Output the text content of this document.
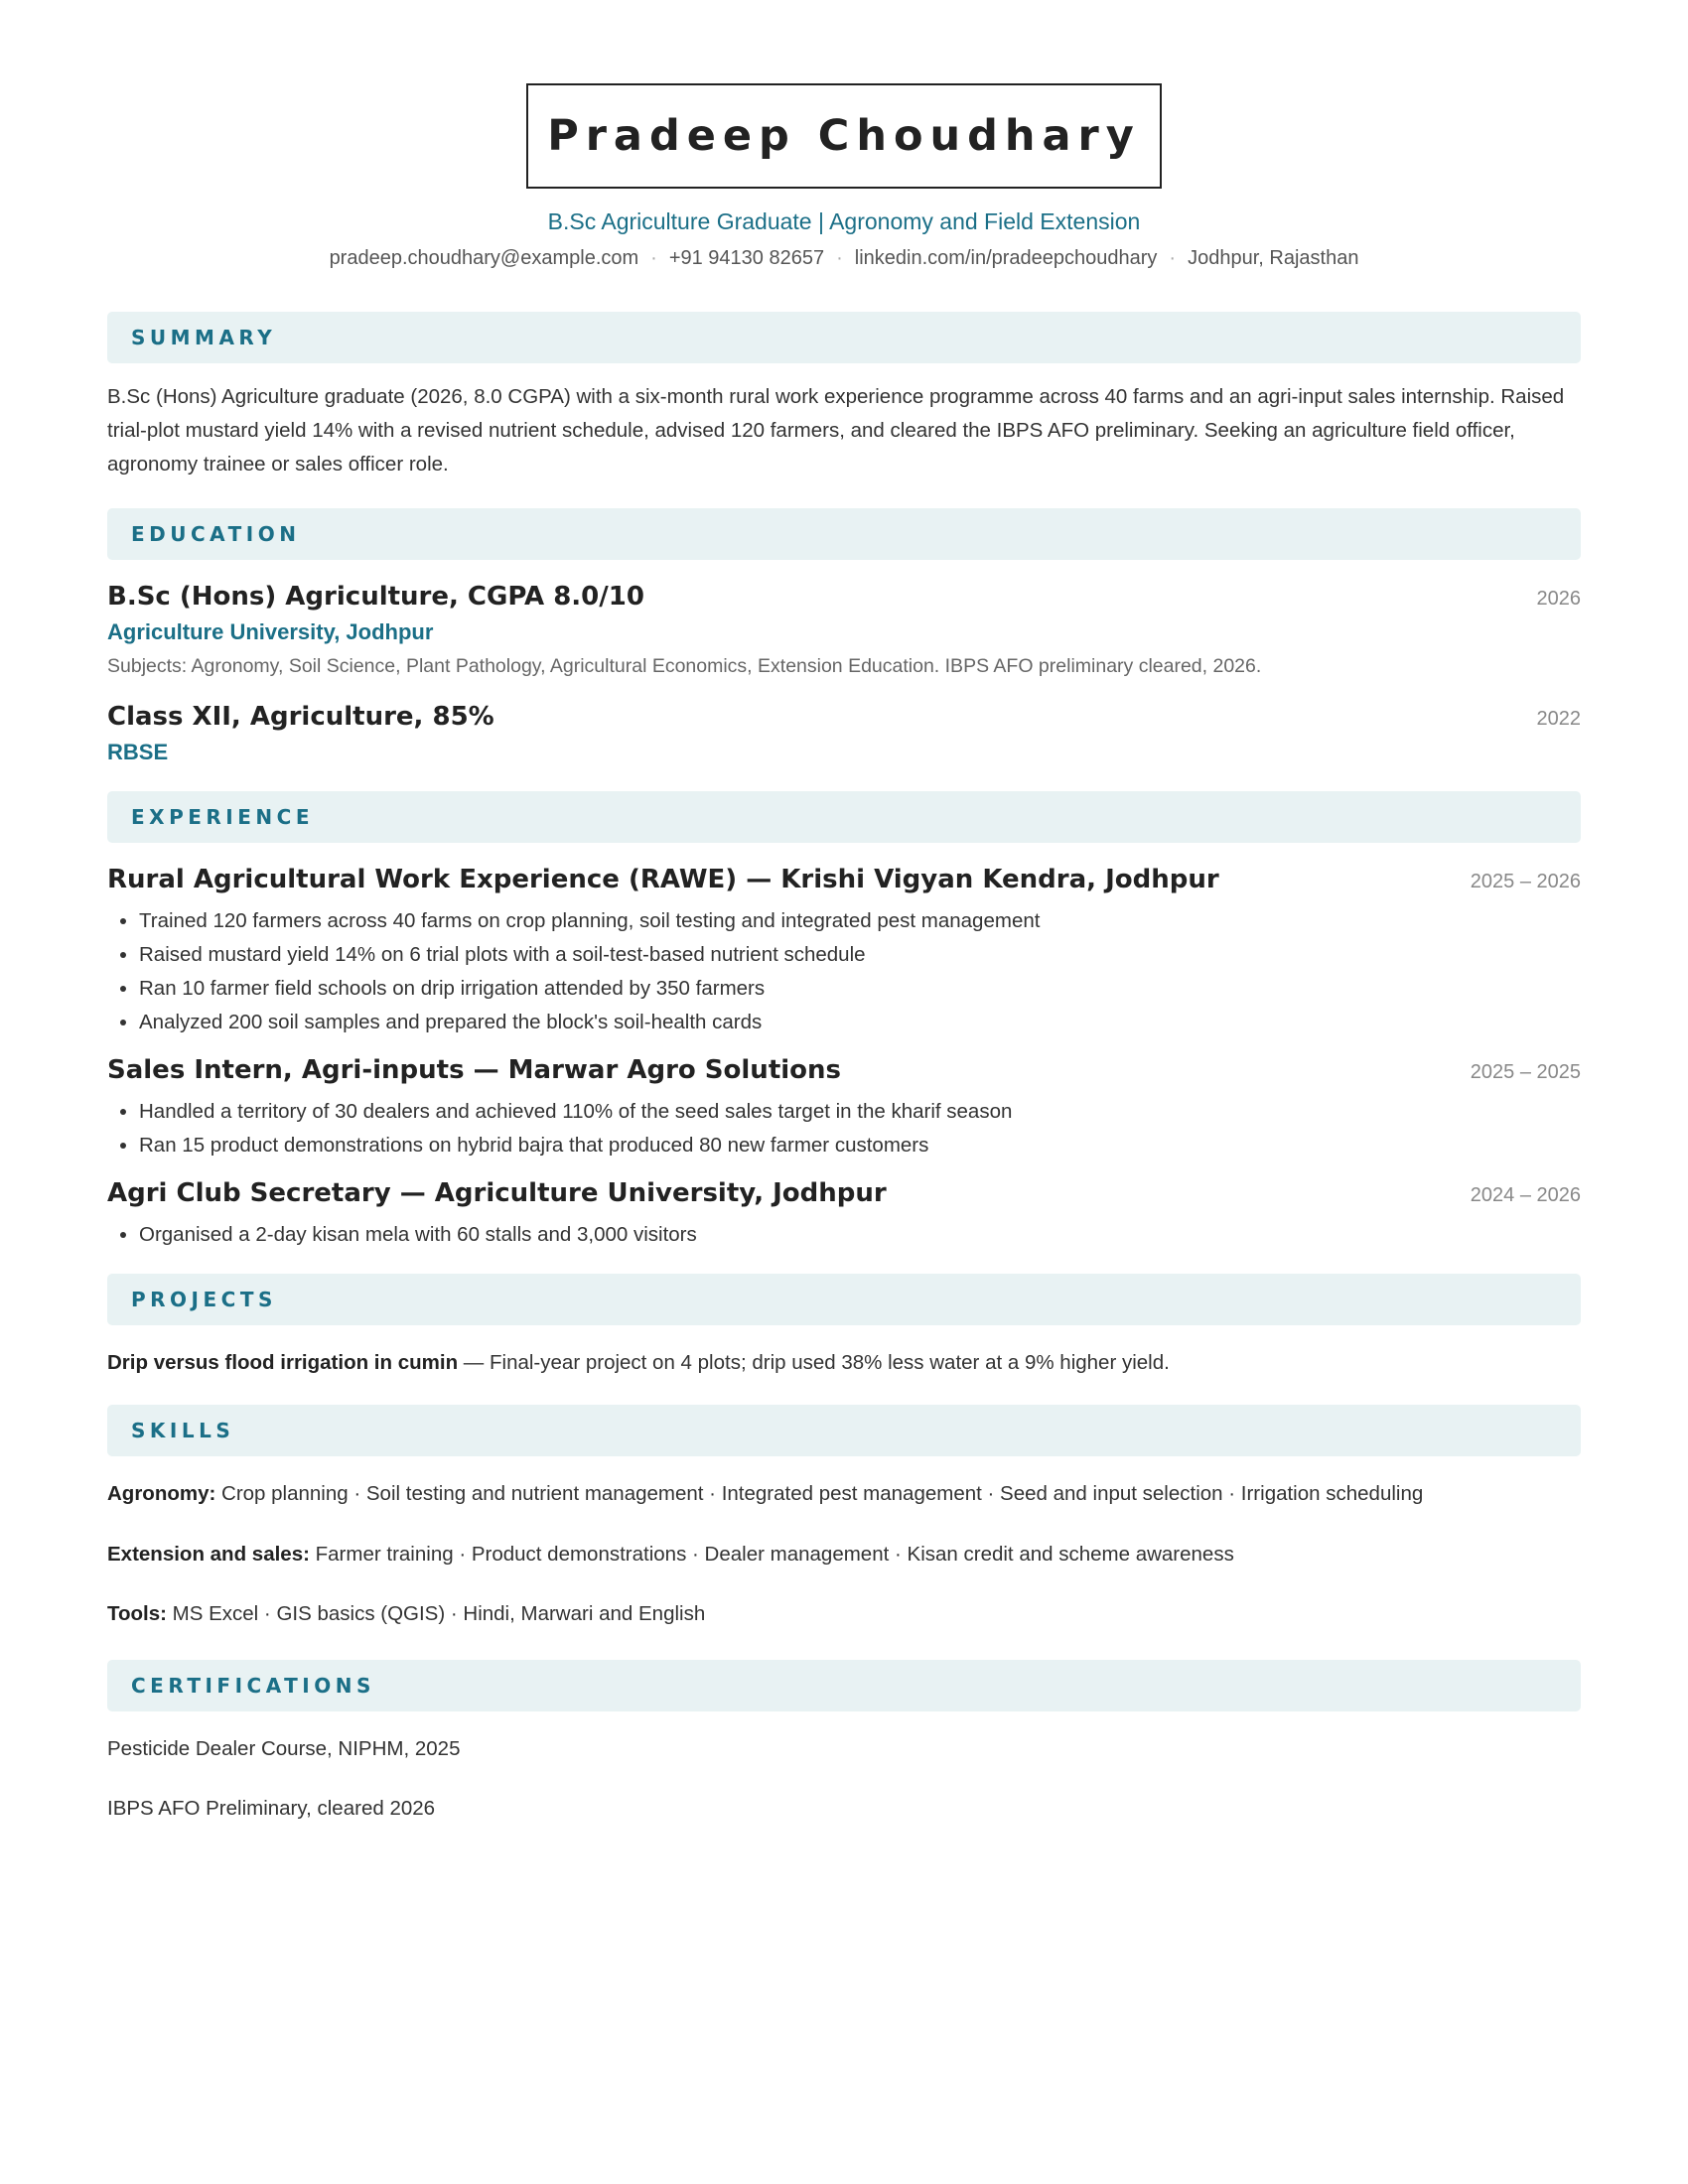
Pradeep Choudhary
B.Sc Agriculture Graduate | Agronomy and Field Extension
pradeep.choudhary@example.com · +91 94130 82657 · linkedin.com/in/pradeepchoudhary · Jodhpur, Rajasthan
SUMMARY
B.Sc (Hons) Agriculture graduate (2026, 8.0 CGPA) with a six-month rural work experience programme across 40 farms and an agri-input sales internship. Raised trial-plot mustard yield 14% with a revised nutrient schedule, advised 120 farmers, and cleared the IBPS AFO preliminary. Seeking an agriculture field officer, agronomy trainee or sales officer role.
EDUCATION
B.Sc (Hons) Agriculture, CGPA 8.0/10	2026
Agriculture University, Jodhpur
Subjects: Agronomy, Soil Science, Plant Pathology, Agricultural Economics, Extension Education. IBPS AFO preliminary cleared, 2026.
Class XII, Agriculture, 85%	2022
RBSE
EXPERIENCE
Rural Agricultural Work Experience (RAWE) — Krishi Vigyan Kendra, Jodhpur	2025 – 2026
• Trained 120 farmers across 40 farms on crop planning, soil testing and integrated pest management
• Raised mustard yield 14% on 6 trial plots with a soil-test-based nutrient schedule
• Ran 10 farmer field schools on drip irrigation attended by 350 farmers
• Analyzed 200 soil samples and prepared the block's soil-health cards
Sales Intern, Agri-inputs — Marwar Agro Solutions	2025 – 2025
• Handled a territory of 30 dealers and achieved 110% of the seed sales target in the kharif season
• Ran 15 product demonstrations on hybrid bajra that produced 80 new farmer customers
Agri Club Secretary — Agriculture University, Jodhpur	2024 – 2026
• Organised a 2-day kisan mela with 60 stalls and 3,000 visitors
PROJECTS
Drip versus flood irrigation in cumin — Final-year project on 4 plots; drip used 38% less water at a 9% higher yield.
SKILLS
Agronomy: Crop planning · Soil testing and nutrient management · Integrated pest management · Seed and input selection · Irrigation scheduling
Extension and sales: Farmer training · Product demonstrations · Dealer management · Kisan credit and scheme awareness
Tools: MS Excel · GIS basics (QGIS) · Hindi, Marwari and English
CERTIFICATIONS
Pesticide Dealer Course, NIPHM, 2025
IBPS AFO Preliminary, cleared 2026
